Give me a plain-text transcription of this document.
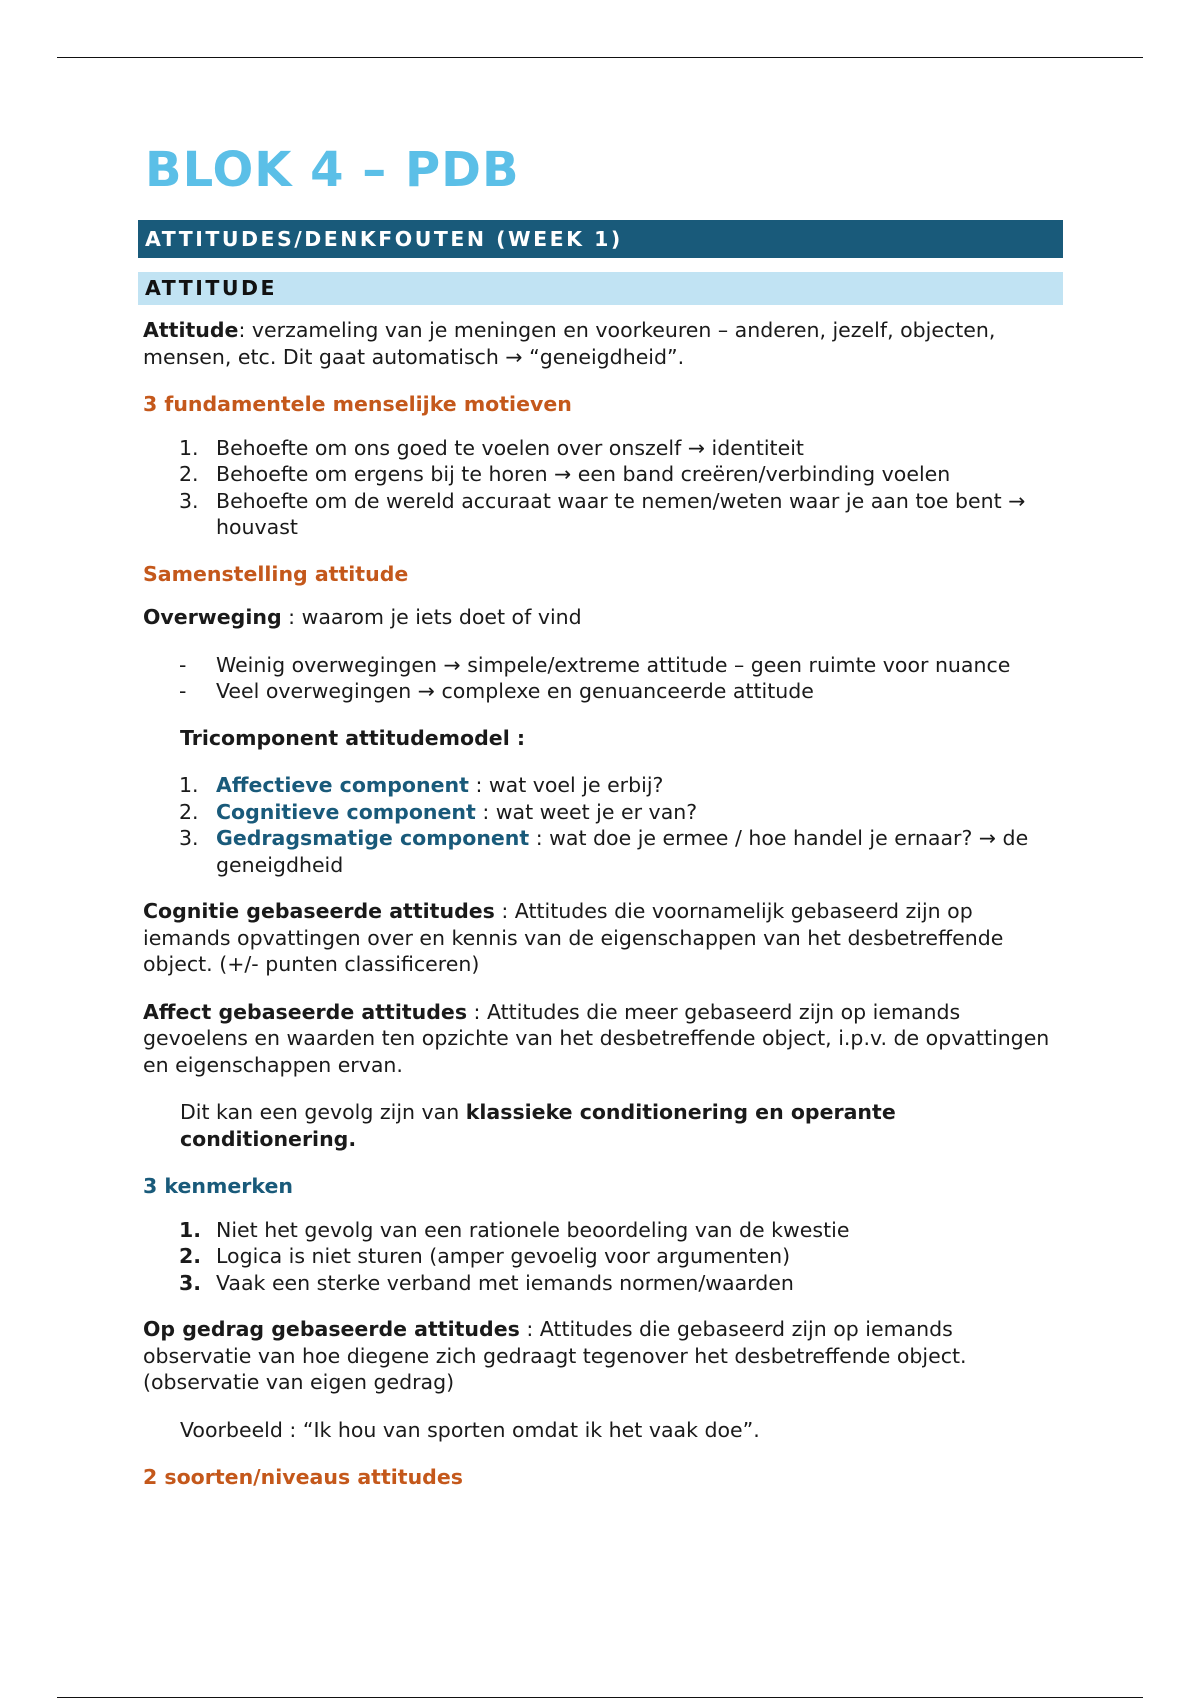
BLOK 4 – PDB
ATTITUDES/DENKFOUTEN (WEEK 1)
ATTITUDE

Attitude: verzameling van je meningen en voorkeuren – anderen, jezelf, objecten, mensen, etc. Dit gaat automatisch → “geneigdheid”.

3 fundamentele menselijke motieven
1. Behoefte om ons goed te voelen over onszelf → identiteit
2. Behoefte om ergens bij te horen → een band creëren/verbinding voelen
3. Behoefte om de wereld accuraat waar te nemen/weten waar je aan toe bent → houvast
Samenstelling attitude

Overweging : waarom je iets doet of vind

- Weinig overwegingen → simpele/extreme attitude – geen ruimte voor nuance
- Veel overwegingen → complexe en genuanceerde attitude

Tricomponent attitudemodel :

1. Affectieve component : wat voel je erbij?
2. Cognitieve component : wat weet je er van?
3. Gedragsmatige component : wat doe je ermee / hoe handel je ernaar? → de geneigdheid

Cognitie gebaseerde attitudes : Attitudes die voornamelijk gebaseerd zijn op iemands opvattingen over en kennis van de eigenschappen van het desbetreffende object. (+/- punten classificeren)

Affect gebaseerde attitudes : Attitudes die meer gebaseerd zijn op iemands gevoelens en waarden ten opzichte van het desbetreffende object, i.p.v. de opvattingen en eigenschappen ervan.

Dit kan een gevolg zijn van klassieke conditionering en operante conditionering.

3 kenmerken
1. Niet het gevolg van een rationele beoordeling van de kwestie
2. Logica is niet sturen (amper gevoelig voor argumenten)
3. Vaak een sterke verband met iemands normen/waarden

Op gedrag gebaseerde attitudes : Attitudes die gebaseerd zijn op iemands observatie van hoe diegene zich gedraagt tegenover het desbetreffende object. (observatie van eigen gedrag)

Voorbeeld : “Ik hou van sporten omdat ik het vaak doe”.

2 soorten/niveaus attitudes
